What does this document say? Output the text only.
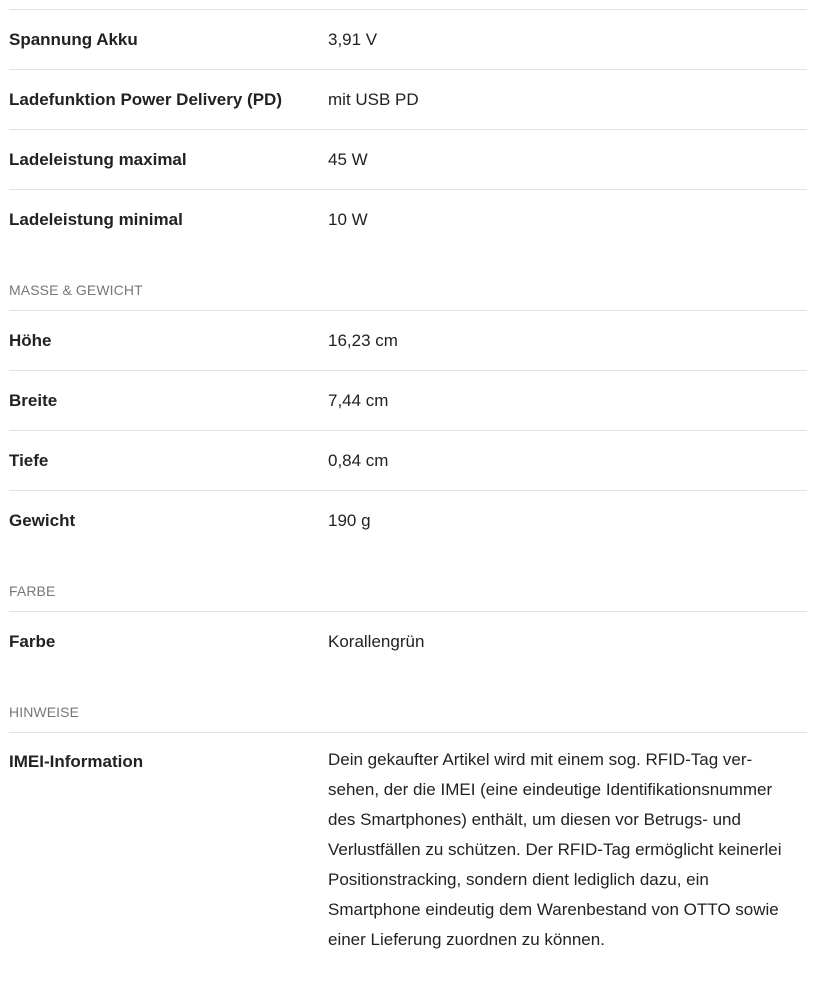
Spannung Akku	3,91 V
Ladefunktion Power Delivery (PD)	mit USB PD
Ladeleistung maximal	45 W
Ladeleistung minimal	10 W
MASSE & GEWICHT
Höhe	16,23 cm
Breite	7,44 cm
Tiefe	0,84 cm
Gewicht	190 g
FARBE
Farbe	Korallengrün
HINWEISE
IMEI-Information	Dein gekaufter Artikel wird mit einem sog. RFID-Tag versehen, der die IMEI (eine eindeutige Identifikationsnummer des Smartphones) enthält, um diesen vor Betrugs- und Verlustfällen zu schützen. Der RFID-Tag ermöglicht keinerlei Positionstracking, sondern dient lediglich dazu, ein Smartphone eindeutig dem Warenbestand von OTTO sowie einer Lieferung zuordnen zu können.
